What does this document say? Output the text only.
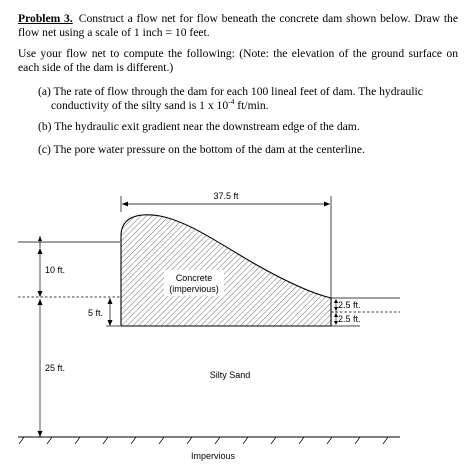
Problem 3. Construct a flow net for flow beneath the concrete dam shown below. Draw the flow net using a scale of 1 inch = 10 feet.

Use your flow net to compute the following: (Note: the elevation of the ground surface on each side of the dam is different.)

(a) The rate of flow through the dam for each 100 lineal feet of dam. The hydraulic
conductivity of the silty sand is 1 x $10^{-4}$ ft/min.

(b) The hydraulic exit gradient near the downstream edge of the dam.

(c) The pore water pressure on the bottom of the dam at the centerline.

37.5 ft
10 ft.
5 ft.
Concrete
(impervious)
2.5 ft.
2.5 ft.
25 ft.
Silty Sand
Impervious
